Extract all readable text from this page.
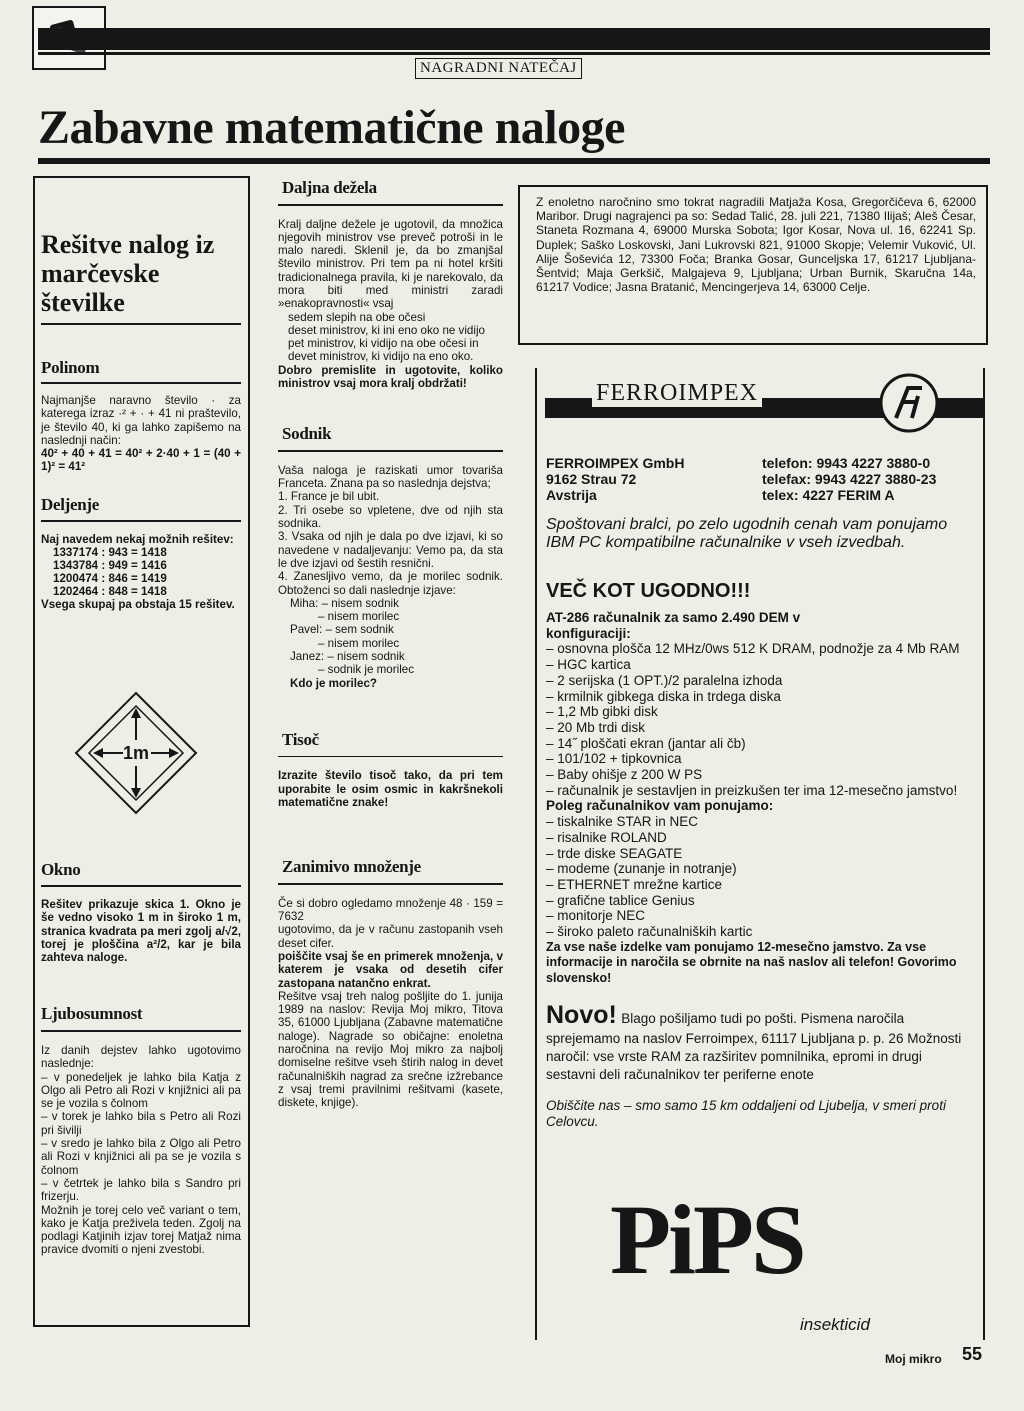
NAGRADNI NATEČAJ
Zabavne matematične naloge
Rešitve nalog iz marčevske številke
Polinom
Najmanjše naravno število · za katerega izraz ·² + · + 41 ni praštevilo, je število 40, ki ga lahko zapišemo na naslednji način:
40² + 40 + 41 = 40² + 2·40 + 1 = (40 + 1)² = 41²
Deljenje
Naj navedem nekaj možnih rešitev:
1337174 : 943 = 1418
1343784 : 949 = 1416
1200474 : 846 = 1419
1202464 : 848 = 1418
Vsega skupaj pa obstaja 15 rešitev.
1m
Okno
Rešitev prikazuje skica 1. Okno je še vedno visoko 1 m in široko 1 m, stranica kvadrata pa meri zgolj a/√2, torej je ploščina a²/2, kar je bila zahteva naloge.
Ljubosumnost
Iz danih dejstev lahko ugotovimo naslednje:
– v ponedeljek je lahko bila Katja z Olgo ali Petro ali Rozi v knjižnici ali pa se je vozila s čolnom
– v torek je lahko bila s Petro ali Rozi pri šivilji
– v sredo je lahko bila z Olgo ali Petro ali Rozi v knjižnici ali pa se je vozila s čolnom
– v četrtek je lahko bila s Sandro pri frizerju.
Možnih je torej celo več variant o tem, kako je Katja preživela teden. Zgolj na podlagi Katjinih izjav torej Matjaž nima pravice dvomiti o njeni zvestobi.
Daljna dežela
Kralj daljne dežele je ugotovil, da množica njegovih ministrov vse preveč potroši in le malo naredi. Sklenil je, da bo zmanjšal število ministrov. Pri tem pa ni hotel kršiti tradicionalnega pravila, ki je narekovalo, da mora biti med ministri zaradi »enakopravnosti« vsaj
sedem slepih na obe očesi
deset ministrov, ki ini eno oko ne vidijo
pet ministrov, ki vidijo na obe očesi in
devet ministrov, ki vidijo na eno oko.
Dobro premislite in ugotovite, koliko ministrov vsaj mora kralj obdržati!
Sodnik
Vaša naloga je raziskati umor tovariša Franceta. Znana pa so naslednja dejstva;
1. France je bil ubit.
2. Tri osebe so vpletene, dve od njih sta sodnika.
3. Vsaka od njih je dala po dve izjavi, ki so navedene v nadaljevanju: Vemo pa, da sta le dve izjavi od šestih resnični.
4. Zanesljivo vemo, da je morilec sodnik. Obtoženci so dali naslednje izjave:
Miha: – nisem sodnik
– nisem morilec
Pavel: – sem sodnik
– nisem morilec
Janez: – nisem sodnik
– sodnik je morilec
Kdo je morilec?
Tisoč
Izrazite število tisoč tako, da pri tem uporabite le osim osmic in kakršnekoli matematične znake!
Zanimivo množenje
Če si dobro ogledamo množenje 48 · 159 = 7632
ugotovimo, da je v računu zastopanih vseh deset cifer.
poiščite vsaj še en primerek množenja, v katerem je vsaka od desetih cifer zastopana natančno enkrat.
Rešitve vsaj treh nalog pošljite do 1. junija 1989 na naslov: Revija Moj mikro, Titova 35, 61000 Ljubljana (Zabavne matematične naloge). Nagrade so običajne: enoletna naročnina na revijo Moj mikro za najbolj domiselne rešitve vseh štirih nalog in devet računalniških nagrad za srečne izžrebance z vsaj tremi pravilnimi rešitvami (kasete, diskete, knjige).
Z enoletno naročnino smo tokrat nagradili Matjaža Kosa, Gregorčičeva 6, 62000 Maribor. Drugi nagrajenci pa so: Sedad Talić, 28. juli 221, 71380 Ilijaš; Aleš Česar, Staneta Rozmana 4, 69000 Murska Sobota; Igor Kosar, Nova ul. 16, 62241 Sp. Duplek; Saško Loskovski, Jani Lukrovski 821, 91000 Skopje; Velemir Vuković, Ul. Alije Šoševića 12, 73300 Foča; Branka Gosar, Gunceljska 17, 61217 Ljubljana-Šentvid; Maja Gerkšič, Malgajeva 9, Ljubljana; Urban Burnik, Skaručna 14a, 61217 Vodice; Jasna Bratanić, Mencingerjeva 14, 63000 Celje.
FERROIMPEX
FERROIMPEX GmbH
9162 Strau 72
Avstrija
telefon: 9943 4227 3880-0
telefax: 9943 4227 3880-23
telex: 4227 FERIM A
Spoštovani bralci, po zelo ugodnih cenah vam ponujamo IBM PC kompatibilne računalnike v vseh izvedbah.
VEČ KOT UGODNO!!!
AT-286 računalnik za samo 2.490 DEM v konfiguraciji:
– osnovna plošča 12 MHz/0ws 512 K DRAM, podnožje za 4 Mb RAM
– HGC kartica
– 2 serijska (1 OPT.)/2 paralelna izhoda
– krmilnik gibkega diska in trdega diska
– 1,2 Mb gibki disk
– 20 Mb trdi disk
– 14˝ ploščati ekran (jantar ali čb)
– 101/102 + tipkovnica
– Baby ohišje z 200 W PS
– računalnik je sestavljen in preizkušen ter ima 12-mesečno jamstvo!
Poleg računalnikov vam ponujamo:
– tiskalnike STAR in NEC
– risalnike ROLAND
– trde diske SEAGATE
– modeme (zunanje in notranje)
– ETHERNET mrežne kartice
– grafične tablice Genius
– monitorje NEC
– široko paleto računalniških kartic
Za vse naše izdelke vam ponujamo 12-mesečno jamstvo. Za vse informacije in naročila se obrnite na naš naslov ali telefon! Govorimo slovensko!
Novo! Blago pošiljamo tudi po pošti. Pismena naročila sprejemamo na naslov Ferroimpex, 61117 Ljubljana p. p. 26 Možnosti naročil: vse vrste RAM za razširitev pomnilnika, epromi in drugi sestavni deli računalnikov ter periferne enote
Obiščite nas – smo samo 15 km oddaljeni od Ljubelja, v smeri proti Celovcu.
PiPS
insekticid
Moj mikro 55
